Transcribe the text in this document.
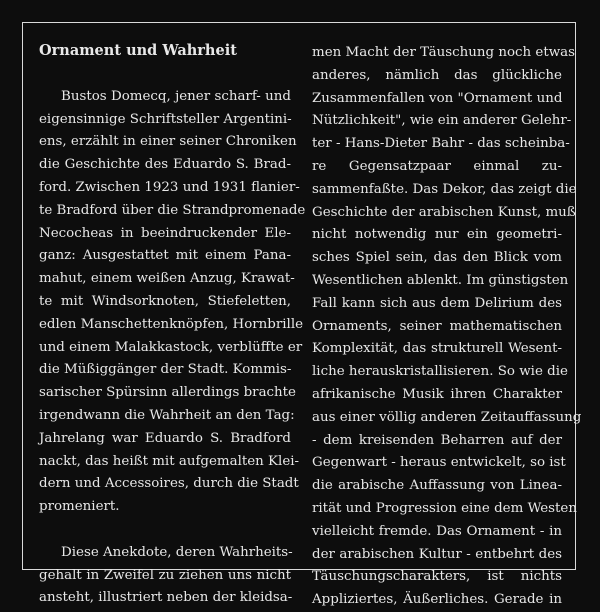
Ornament und Wahrheit
Bustos Domecq, jener scharf- und
eigensinnige Schriftsteller Argentini-
ens, erzählt in einer seiner Chroniken
die Geschichte des Eduardo S. Brad-
ford. Zwischen 1923 und 1931 flanier-
te Bradford über die Strandpromenade
Necocheas in beeindruckender Ele-
ganz: Ausgestattet mit einem Pana-
mahut, einem weißen Anzug, Krawat-
te mit Windsorknoten, Stiefeletten,
edlen Manschettenknöpfen, Hornbrille
und einem Malakkastock, verblüffte er
die Müßiggänger der Stadt. Kommis-
sarischer Spürsinn allerdings brachte
irgendwann die Wahrheit an den Tag:
Jahrelang war Eduardo S. Bradford
nackt, das heißt mit aufgemalten Klei-
dern und Accessoires, durch die Stadt
promeniert.
Diese Anekdote, deren Wahrheits-
gehalt in Zweifel zu ziehen uns nicht
ansteht, illustriert neben der kleidsa-
men Macht der Täuschung noch etwas
anderes, nämlich das glückliche
Zusammenfallen von "Ornament und
Nützlichkeit", wie ein anderer Gelehr-
ter - Hans-Dieter Bahr - das scheinba-
re Gegensatzpaar einmal zu-
sammenfaßte. Das Dekor, das zeigt die
Geschichte der arabischen Kunst, muß
nicht notwendig nur ein geometri-
sches Spiel sein, das den Blick vom
Wesentlichen ablenkt. Im günstigsten
Fall kann sich aus dem Delirium des
Ornaments, seiner mathematischen
Komplexität, das strukturell Wesent-
liche herauskristallisieren. So wie die
afrikanische Musik ihren Charakter
aus einer völlig anderen Zeitauffassung
- dem kreisenden Beharren auf der
Gegenwart - heraus entwickelt, so ist
die arabische Auffassung von Linea-
rität und Progression eine dem Westen
vielleicht fremde. Das Ornament - in
der arabischen Kultur - entbehrt des
Täuschungscharakters, ist nichts
Appliziertes, Äußerliches. Gerade in
